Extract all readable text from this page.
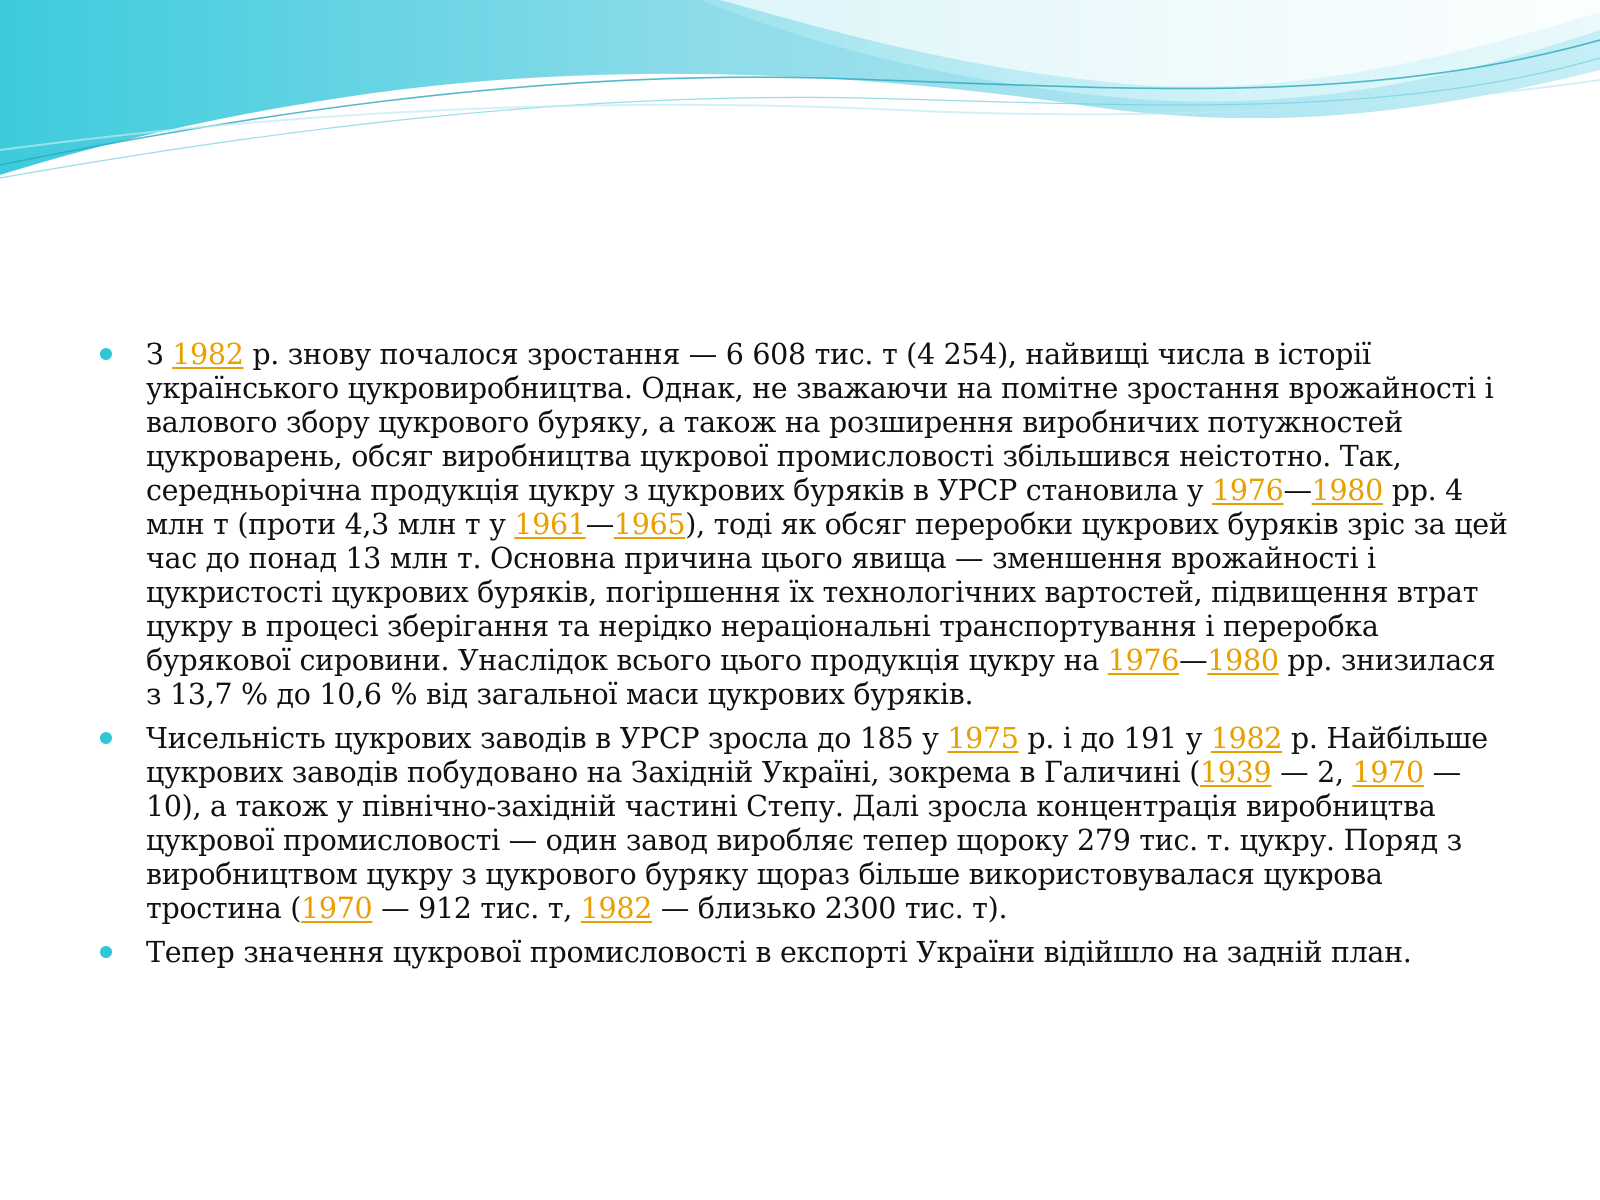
З 1982 р. знову почалося зростання — 6 608 тис. т (4 254), найвищі числа в історії українського цукровиробництва. Однак, не зважаючи на помітне зростання врожайності і валового збору цукрового буряку, а також на розширення виробничих потужностей цукроварень, обсяг виробництва цукрової промисловості збільшився неістотно. Так, середньорічна продукція цукру з цукрових буряків в УРСР становила у 1976—1980 рр. 4 млн т (проти 4,3 млн т у 1961—1965), тоді як обсяг переробки цукрових буряків зріс за цей час до понад 13 млн т. Основна причина цього явища — зменшення врожайності і цукристості цукрових буряків, погіршення їх технологічних вартостей, підвищення втрат цукру в процесі зберігання та нерідко нераціональні транспортування і переробка бурякової сировини. Унаслідок всього цього продукція цукру на 1976—1980 рр. знизилася з 13,7 % до 10,6 % від загальної маси цукрових буряків.
Чисельність цукрових заводів в УРСР зросла до 185 у 1975 р. і до 191 у 1982 р. Найбільше цукрових заводів побудовано на Західній Україні, зокрема в Галичині (1939 — 2, 1970 — 10), а також у північно-західній частині Степу. Далі зросла концентрація виробництва цукрової промисловості — один завод виробляє тепер щороку 279 тис. т. цукру. Поряд з виробництвом цукру з цукрового буряку щораз більше використовувалася цукрова тростина (1970 — 912 тис. т, 1982 — близько 2300 тис. т).
Тепер значення цукрової промисловості в експорті України відійшло на задній план.
